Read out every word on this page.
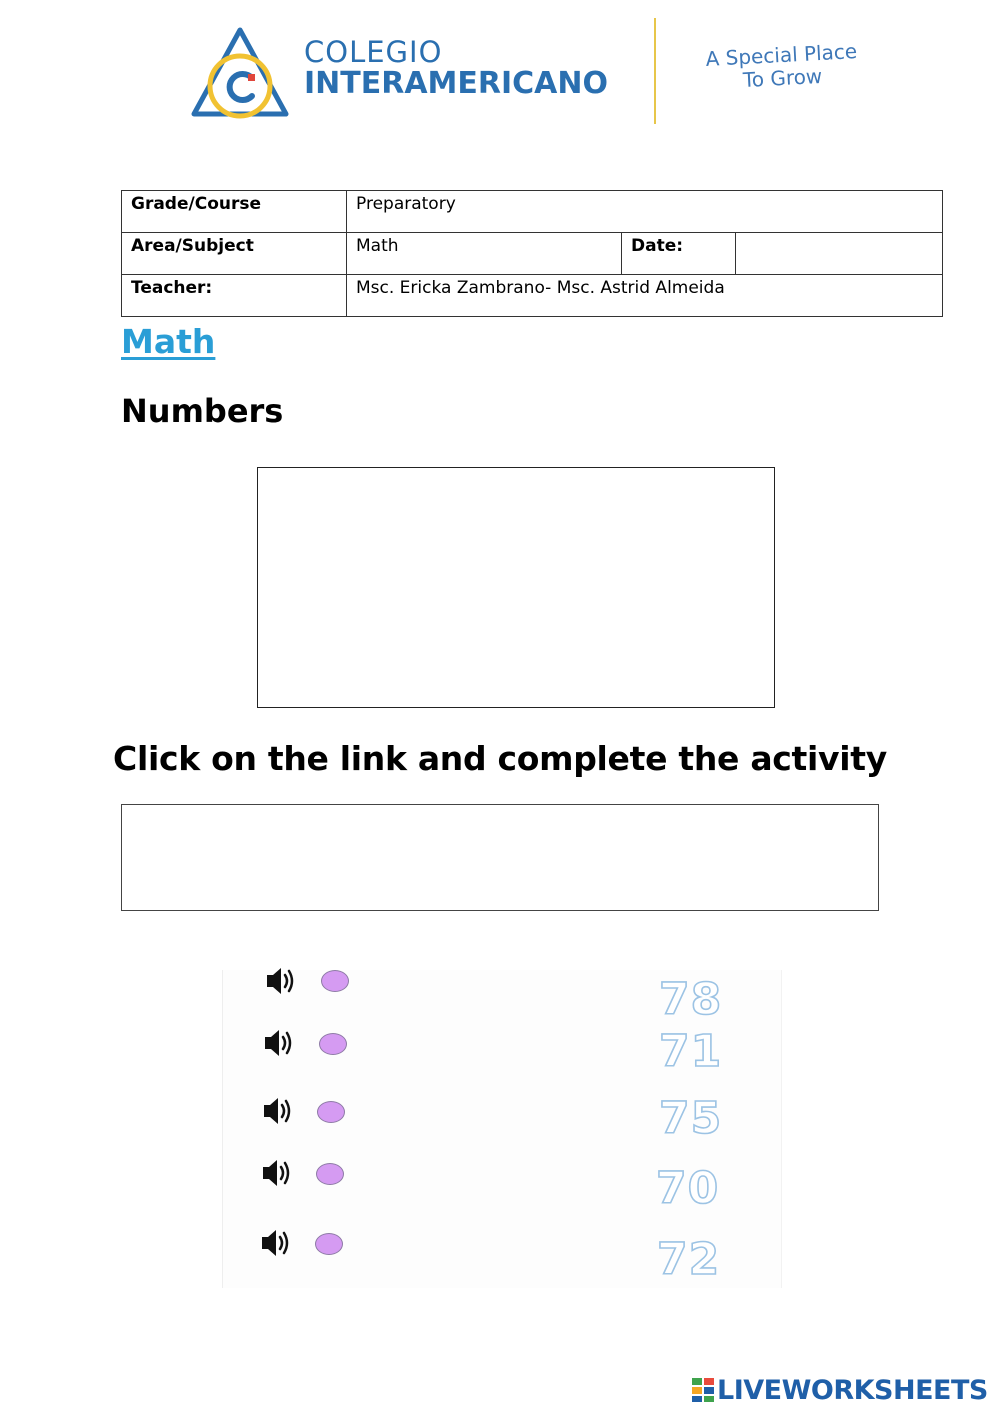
COLEGIO
INTERAMERICANO
A Special Place
To Grow
Grade/Course	Preparatory		
Area/Subject	Math	Date:	
Teacher:	Msc. Ericka Zambrano- Msc. Astrid Almeida		
Math
Numbers
Click on the link and complete the activity
78
71
75
70
72
LIVEWORKSHEETS
